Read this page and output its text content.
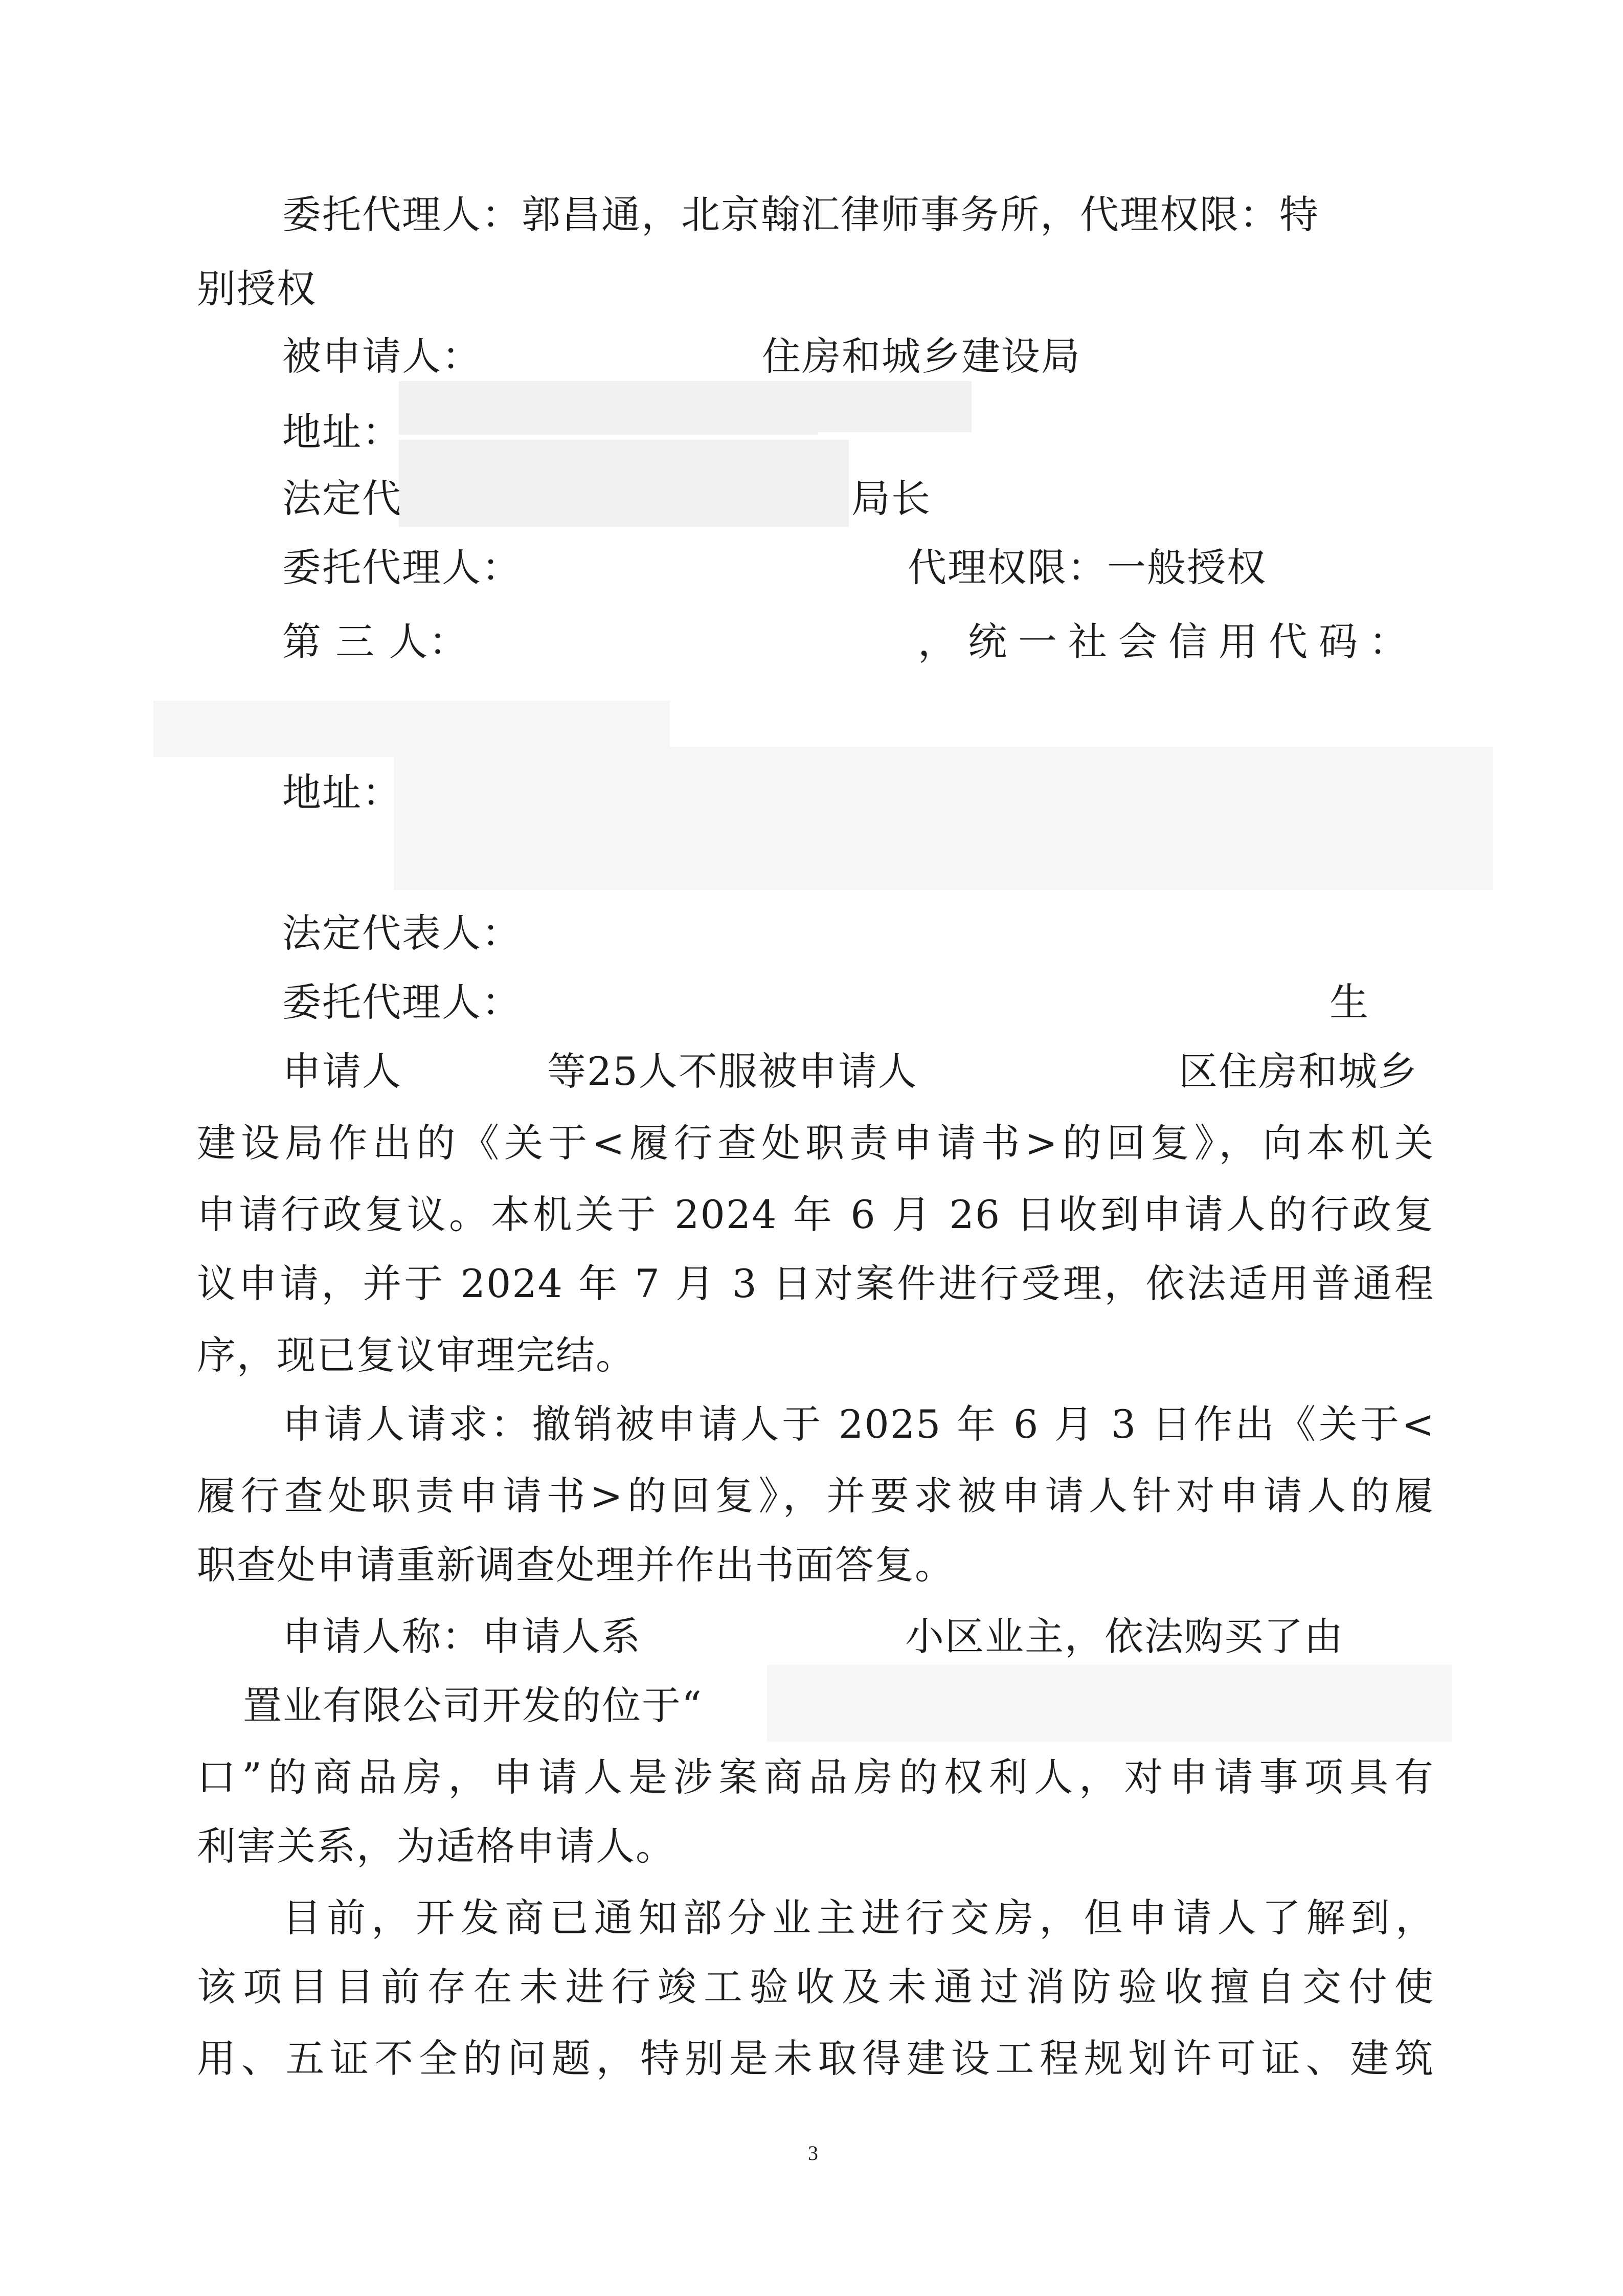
委托代理人：郭昌通，北京翰汇律师事务所，代理权限：特
别授权
被申请人：	住房和城乡建设局
地址：
法定代	局长
委托代理人：	代理权限：一般授权
第 三 人：	，统一社会信用代码：
地址：
法定代表人：
委托代理人：	生
申请人	等25人不服被申请人	区住房和城乡
建设局作出的《关于<履行查处职责申请书>的回复》，向本机关
申请行政复议。本机关于 2024 年 6 月 26 日收到申请人的行政复
议申请，并于 2024 年 7 月 3 日对案件进行受理，依法适用普通程
序，现已复议审理完结。
申请人请求：撤销被申请人于 2025 年 6 月 3 日作出《关于<
履行查处职责申请书>的回复》，并要求被申请人针对申请人的履
职查处申请重新调查处理并作出书面答复。
申请人称：申请人系	小区业主，依法购买了由
置业有限公司开发的位于“
口”的商品房，申请人是涉案商品房的权利人，对申请事项具有
利害关系，为适格申请人。
目前，开发商已通知部分业主进行交房，但申请人了解到，
该项目目前存在未进行竣工验收及未通过消防验收擅自交付使
用、五证不全的问题，特别是未取得建设工程规划许可证、建筑
3
